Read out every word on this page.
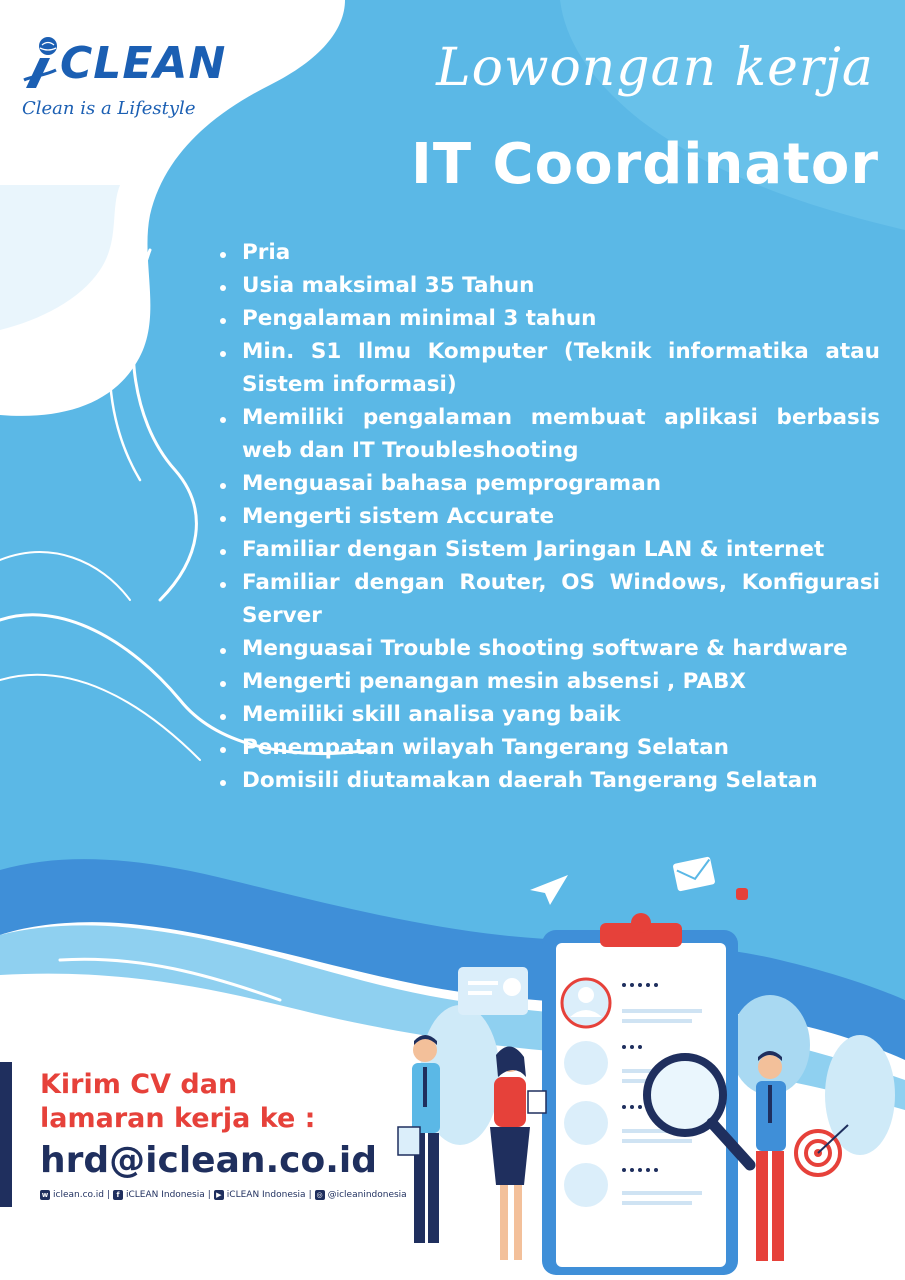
CLEAN
Clean is a Lifestyle
Lowongan kerja
IT Coordinator
Pria
Usia maksimal 35 Tahun
Pengalaman minimal 3 tahun
Min. S1 Ilmu Komputer (Teknik informatika atau Sistem informasi)
Memiliki pengalaman membuat aplikasi berbasis web dan IT Troubleshooting
Menguasai bahasa pemprograman
Mengerti sistem Accurate
Familiar dengan Sistem Jaringan LAN & internet
Familiar dengan Router, OS Windows, Konfigurasi Server
Menguasai Trouble shooting software & hardware
Mengerti penangan mesin absensi , PABX
Memiliki skill analisa yang baik
Penempatan wilayah Tangerang Selatan
Domisili diutamakan daerah Tangerang Selatan
Kirim CV dan
lamaran kerja ke :
hrd@iclean.co.id
w iclean.co.id | f iCLEAN Indonesia | ▶ iCLEAN Indonesia | ◎ @icleanindonesia
